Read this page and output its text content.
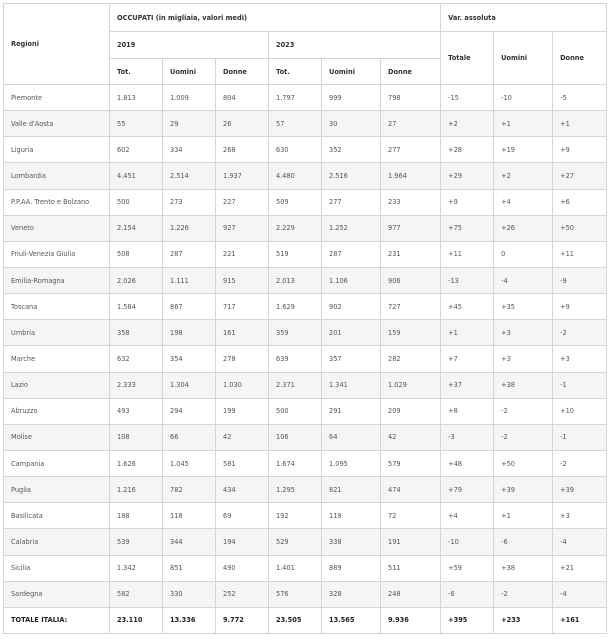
Regioni	OCCUPATI (in migliaia, valori medi)						Var. assoluta		
	2019			2023			Totale	Uomini	Donne
	Tot.	Uomini	Donne	Tot.	Uomini	Donne			
Piemonte	1.813	1.009	804	1.797	999	798	-15	-10	-5
Valle d'Aosta	55	29	26	57	30	27	+2	+1	+1
Liguria	602	334	268	630	352	277	+28	+19	+9
Lombardia	4.451	2.514	1.937	4.480	2.516	1.964	+29	+2	+27
P.P.AA. Trento e Bolzano	500	273	227	509	277	233	+9	+4	+6
Veneto	2.154	1.226	927	2.229	1.252	977	+75	+26	+50
Friuli-Venezia Giulia	508	287	221	519	287	231	+11	0	+11
Emilia-Romagna	2.026	1.111	915	2.013	1.106	906	-13	-4	-9
Toscana	1.584	867	717	1.629	902	727	+45	+35	+9
Umbria	358	198	161	359	201	159	+1	+3	-2
Marche	632	354	278	639	357	282	+7	+3	+3
Lazio	2.333	1.304	1.030	2.371	1.341	1.029	+37	+38	-1
Abruzzo	493	294	199	500	291	209	+8	-2	+10
Molise	108	66	42	106	64	42	-3	-2	-1
Campania	1.626	1.045	581	1.674	1.095	579	+48	+50	-2
Puglia	1.216	782	434	1.295	821	474	+79	+39	+39
Basilicata	188	118	69	192	119	72	+4	+1	+3
Calabria	539	344	194	529	338	191	-10	-6	-4
Sicilia	1.342	851	490	1.401	889	511	+59	+38	+21
Sardegna	582	330	252	576	328	248	-6	-2	-4
TOTALE ITALIA:	23.110	13.336	9.772	23.505	13.565	9.936	+395	+233	+161
